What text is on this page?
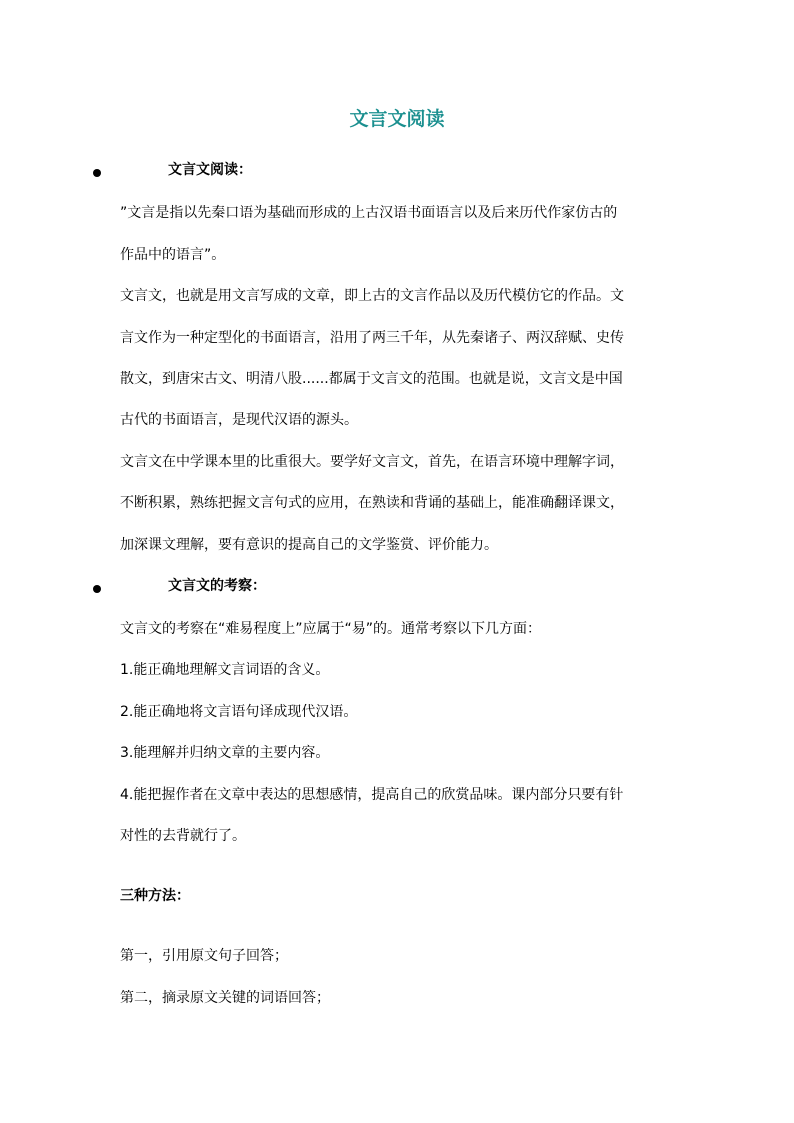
文言文阅读
文言文阅读：
”文言是指以先秦口语为基础而形成的上古汉语书面语言以及后来历代作家仿古的
作品中的语言”。
文言文，也就是用文言写成的文章，即上古的文言作品以及历代模仿它的作品。文
言文作为一种定型化的书面语言，沿用了两三千年，从先秦诸子、两汉辞赋、史传
散文，到唐宋古文、明清八股......都属于文言文的范围。也就是说，文言文是中国
古代的书面语言，是现代汉语的源头。
文言文在中学课本里的比重很大。要学好文言文，首先，在语言环境中理解字词，
不断积累，熟练把握文言句式的应用，在熟读和背诵的基础上，能准确翻译课文，
加深课文理解，要有意识的提高自己的文学鉴赏、评价能力。
文言文的考察：
文言文的考察在“难易程度上”应属于“易”的。通常考察以下几方面：
1.能正确地理解文言词语的含义。
2.能正确地将文言语句译成现代汉语。
3.能理解并归纳文章的主要内容。
4.能把握作者在文章中表达的思想感情，提高自己的欣赏品味。课内部分只要有针
对性的去背就行了。
三种方法：
第一，引用原文句子回答；
第二，摘录原文关键的词语回答；
